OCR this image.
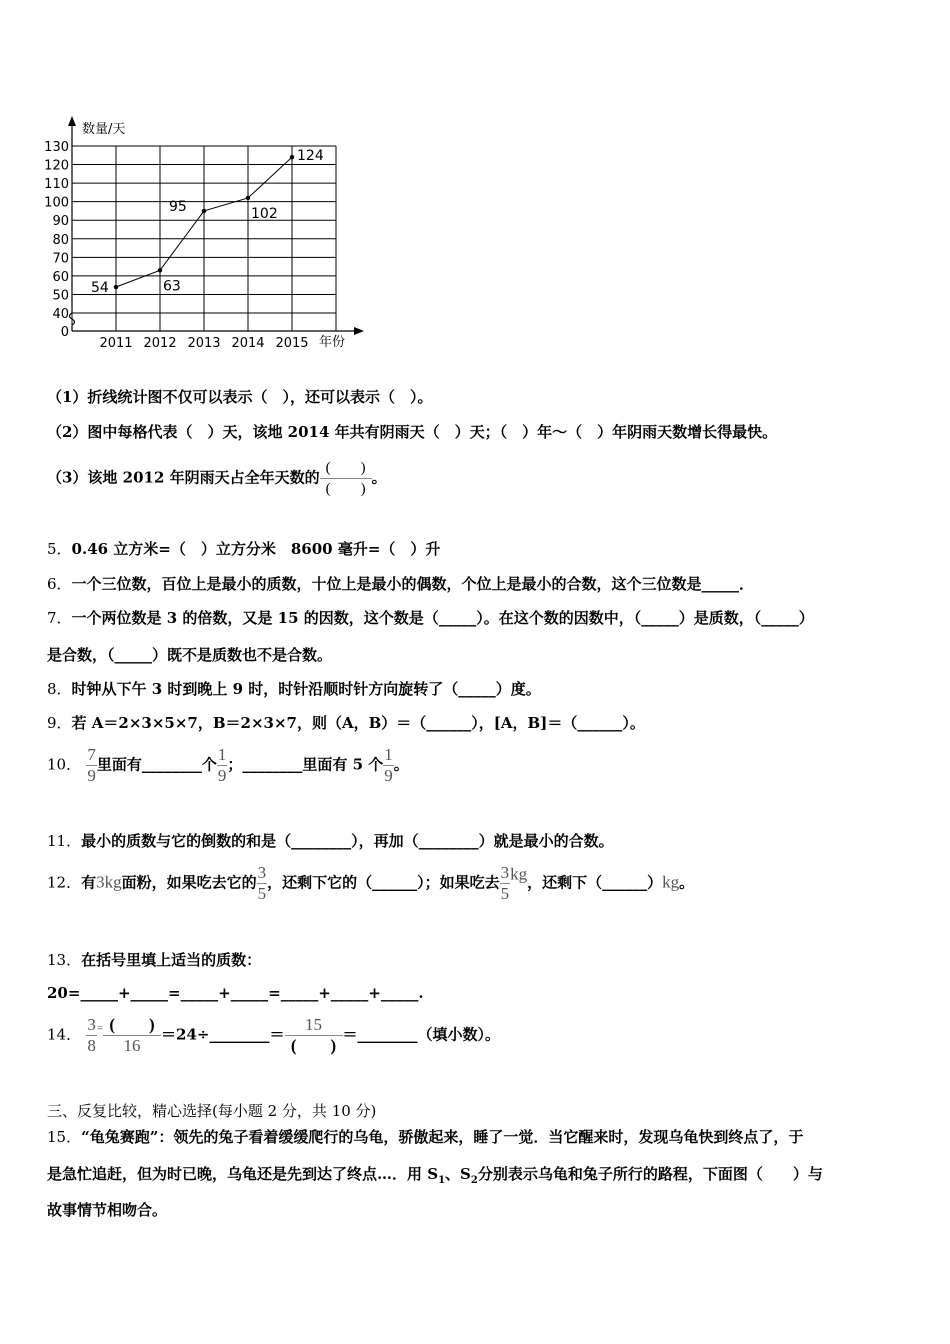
数量/天
年份
0
40
50
60
70
80
90
100
110
120
130
2011 2012 2013 2014 2015
54	63
95	102
124
（1）折线统计图不仅可以表示（　），还可以表示（　）。
（2）图中每格代表（　）天，该地 2014 年共有阴雨天（　）天；（　）年～（　）年阴雨天数增长得最快。
（3）该地 2012 年阴雨天占全年天数的 $\frac{( )}{( )}$ 。
5．0.46 立方米=（　）立方分米　8600 毫升=（　）升
6．一个三位数，百位上是最小的质数，十位上是最小的偶数，个位上是最小的合数，这个三位数是_____．
7．一个两位数是 3 的倍数，又是 15 的因数，这个数是（_____）。在这个数的因数中，（_____）是质数，（_____）
是合数，（_____）既不是质数也不是合数。
8．时钟从下午 3 时到晚上 9 时，时针沿顺时针方向旋转了（_____）度。
9．若 A＝2×3×5×7，B＝2×3×7，则（A，B）＝（______），[A，B]＝（______）。
10． $\frac{7}{9}$ 里面有________个 $\frac{1}{9}$ ；________里面有 5 个 $\frac{1}{9}$ 。
11．最小的质数与它的倒数的和是（________），再加（________）就是最小的合数。
12．有3kg面粉，如果吃去它的 $\frac{3}{5}$ ，还剩下它的（______）；如果吃去 $\frac{3}{5}$ kg，还剩下（______）kg。
13．在括号里填上适当的质数：
20=_____+_____=_____+_____=_____+_____+_____.
14． $\frac{3}{8} ^= \frac{( )}{16}$ ＝24÷________＝ $\frac{15}{( )}$ ＝________（填小数）。
三、反复比较，精心选择(每小题 2 分，共 10 分)
15．“龟兔赛跑”：领先的兔子看着缓缓爬行的乌龟，骄傲起来，睡了一觉．当它醒来时，发现乌龟快到终点了，于
是急忙追赶，但为时已晚，乌龟还是先到达了终点…．用 $S_1$、$S_2$分别表示乌龟和兔子所行的路程，下面图（　　）与
故事情节相吻合。
